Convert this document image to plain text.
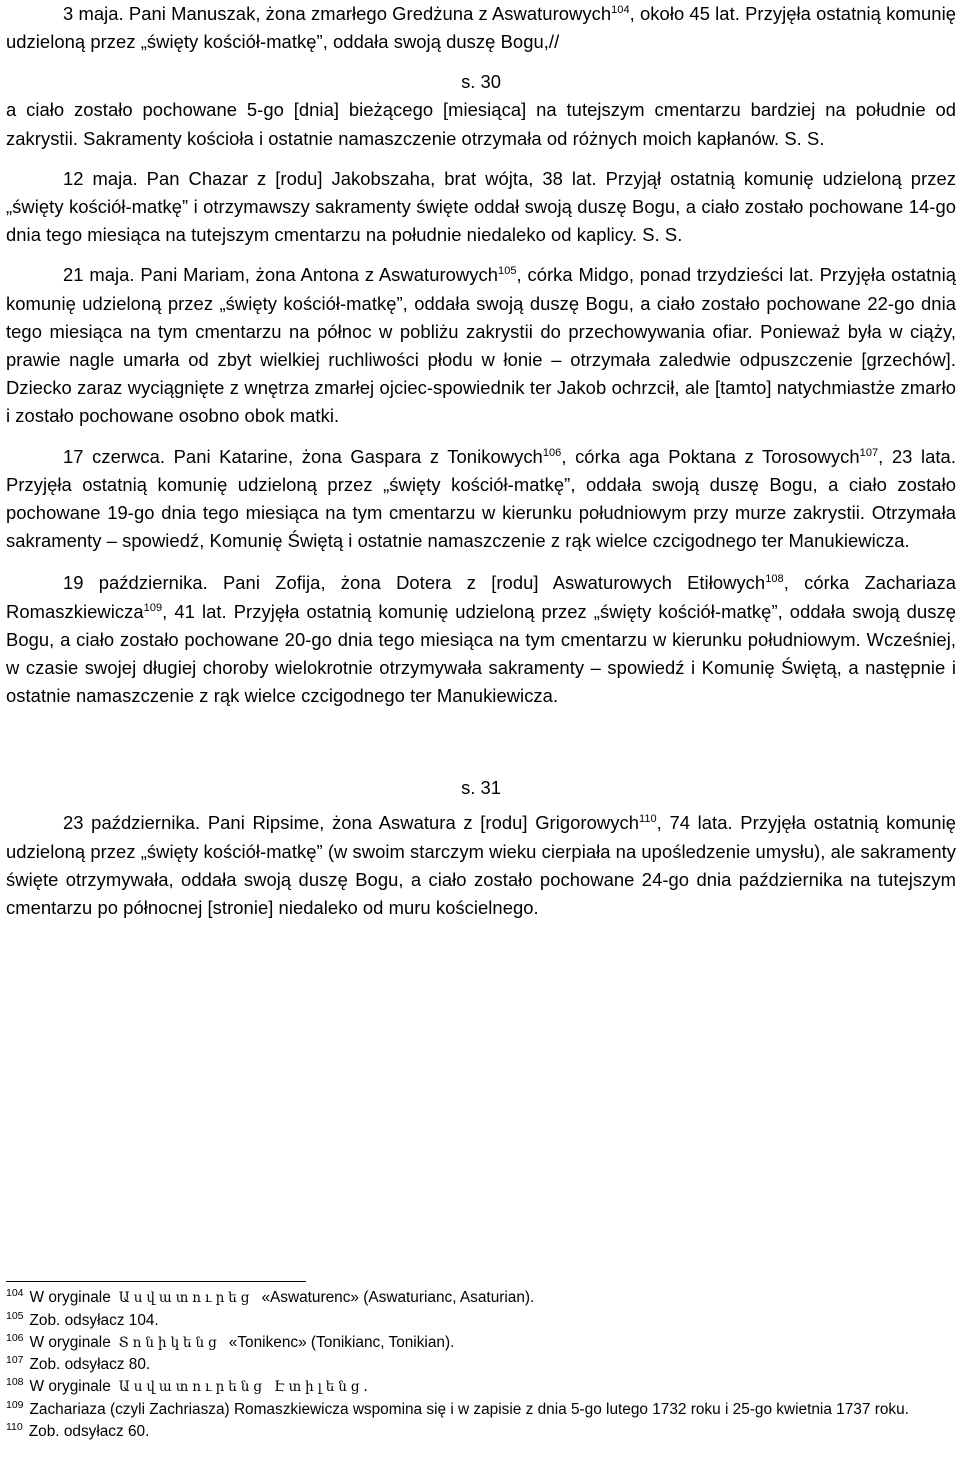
3 maja. Pani Manuszak, żona zmarłego Gredżuna z Aswaturowych$^{104}$, około 45 lat. Przyjęła ostatnią komunię udzieloną przez „święty kościół-matkę”, oddała swoją duszę Bogu,//

s. 30

a ciało zostało pochowane 5-go [dnia] bieżącego [miesiąca] na tutejszym cmentarzu bardziej na południe od zakrystii. Sakramenty kościoła i ostatnie namaszczenie otrzymała od różnych moich kapłanów. S. S.

12 maja. Pan Chazar z [rodu] Jakobszaha, brat wójta, 38 lat. Przyjął ostatnią komunię udzieloną przez „święty kościół-matkę” i otrzymawszy sakramenty święte oddał swoją duszę Bogu, a ciało zostało pochowane 14-go dnia tego miesiąca na tutejszym cmentarzu na południe niedaleko od kaplicy. S. S.

21 maja. Pani Mariam, żona Antona z Aswaturowych$^{105}$, córka Midgo, ponad trzydzieści lat. Przyjęła ostatnią komunię udzieloną przez „święty kościół-matkę”, oddała swoją duszę Bogu, a ciało zostało pochowane 22-go dnia tego miesiąca na tym cmentarzu na północ w pobliżu zakrystii do przechowywania ofiar. Ponieważ była w ciąży, prawie nagle umarła od zbyt wielkiej ruchliwości płodu w łonie – otrzymała zaledwie odpuszczenie [grzechów]. Dziecko zaraz wyciągnięte z wnętrza zmarłej ojciec-spowiednik ter Jakob ochrzcił, ale [tamto] natychmiastże zmarło i zostało pochowane osobno obok matki.

17 czerwca. Pani Katarine, żona Gaspara z Tonikowych$^{106}$, córka aga Poktana z Torosowych$^{107}$, 23 lata. Przyjęła ostatnią komunię udzieloną przez „święty kościół-matkę”, oddała swoją duszę Bogu, a ciało zostało pochowane 19-go dnia tego miesiąca na tym cmentarzu w kierunku południowym przy murze zakrystii. Otrzymała sakramenty – spowiedź, Komunię Świętą i ostatnie namaszczenie z rąk wielce czcigodnego ter Manukiewicza.

19 października. Pani Zofija, żona Dotera z [rodu] Aswaturowych Etiłowych$^{108}$, córka Zachariaza Romaszkiewicza$^{109}$, 41 lat. Przyjęła ostatnią komunię udzieloną przez „święty kościół-matkę”, oddała swoją duszę Bogu, a ciało zostało pochowane 20-go dnia tego miesiąca na tym cmentarzu w kierunku południowym. Wcześniej, w czasie swojej długiej choroby wielokrotnie otrzymywała sakramenty – spowiedź i Komunię Świętą, a następnie i ostatnie namaszczenie z rąk wielce czcigodnego ter Manukiewicza.

s. 31

23 października. Pani Ripsime, żona Aswatura z [rodu] Grigorowych$^{110}$, 74 lata. Przyjęła ostatnią komunię udzieloną przez „święty kościół-matkę” (w swoim starczym wieku cierpiała na upośledzenie umysłu), ale sakramenty święte otrzymywała, oddała swoją duszę Bogu, a ciało zostało pochowane 24-go dnia października na tutejszym cmentarzu po północnej [stronie] niedaleko od muru kościelnego.

$^{104}$ W oryginale Ասվատուրեց «Aswaturenc» (Aswaturianc, Asaturian).

$^{105}$ Zob. odsyłacz 104.

$^{106}$ W oryginale Տոնիկենց «Tonikenc» (Tonikianc, Tonikian).

$^{107}$ Zob. odsyłacz 80.

$^{108}$ W oryginale Ասվատուրենց Էտիլենց.

$^{109}$ Zachariaza (czyli Zachriasza) Romaszkiewicza wspomina się i w zapisie z dnia 5-go lutego 1732 roku i 25-go kwietnia 1737 roku.

$^{110}$ Zob. odsyłacz 60.
